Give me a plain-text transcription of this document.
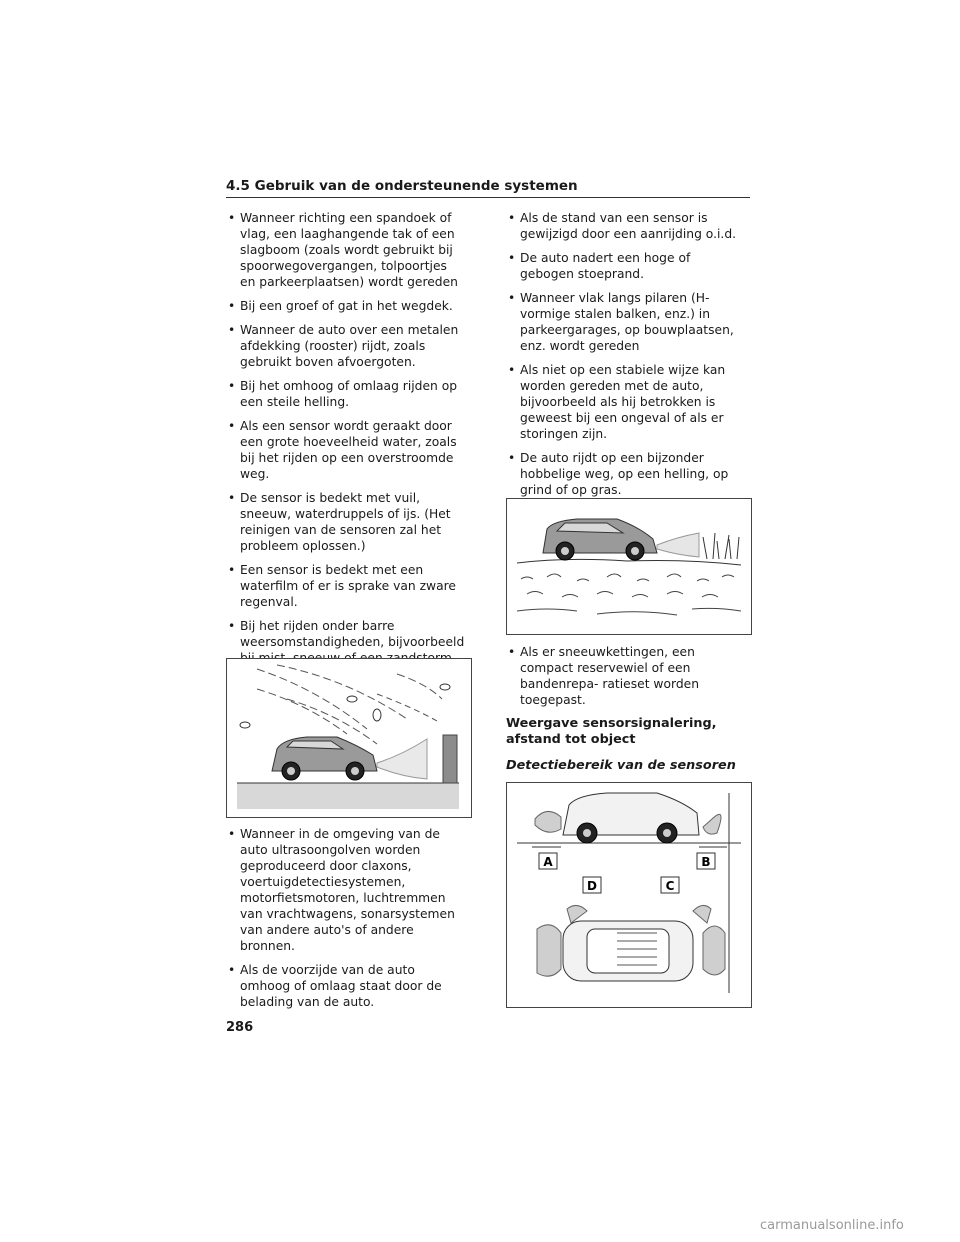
4.5 Gebruik van de ondersteunende systemen
• Wanneer richting een spandoek of vlag, een laaghangende tak of een slagboom (zoals wordt gebruikt bij spoorwegovergangen, tolpoortjes en parkeerplaatsen) wordt gereden
• Bij een groef of gat in het wegdek.
• Wanneer de auto over een metalen afdekking (rooster) rijdt, zoals gebruikt boven afvoergoten.
• Bij het omhoog of omlaag rijden op een steile helling.
• Als een sensor wordt geraakt door een grote hoeveelheid water, zoals bij het rijden op een overstroomde weg.
• De sensor is bedekt met vuil, sneeuw, waterdruppels of ijs. (Het reinigen van de sensoren zal het probleem oplossen.)
• Een sensor is bedekt met een waterfilm of er is sprake van zware regenval.
• Bij het rijden onder barre weersomstandigheden, bijvoorbeeld
•
• Wanneer in de omgeving van de auto ultrasoongolven worden geproduceerd door claxons, voertuigdetectiesystemen, motorfietsmotoren, luchtremmen van vrachtwagens, sonarsystemen van andere auto's of andere bronnen.
• Als de voorzijde van de auto omhoog of omlaag staat door de belading van de auto.
• Als de stand van een sensor is gewijzigd door een aanrijding o.i.d.
• De auto nadert een hoge of gebogen stoeprand.
• Wanneer vlak langs pilaren (H-vormige stalen balken, enz.) in parkeergarages, op bouwplaatsen, enz. wordt gereden
• Als niet op een stabiele wijze kan worden gereden met de auto, bijvoorbeeld als hij betrokken is geweest bij een ongeval of als er storingen zijn.
• De auto rijdt op een bijzonder hobbelige weg, op een helling, op grind of op gras.
• Als er sneeuwkettingen, een compact reservewiel of een bandenrepa- ratieset worden toegepast.
Weergave sensorsignalering, afstand tot object
Detectiebereik van de sensoren
A	B
D	C
286
carmanualsonline.info
